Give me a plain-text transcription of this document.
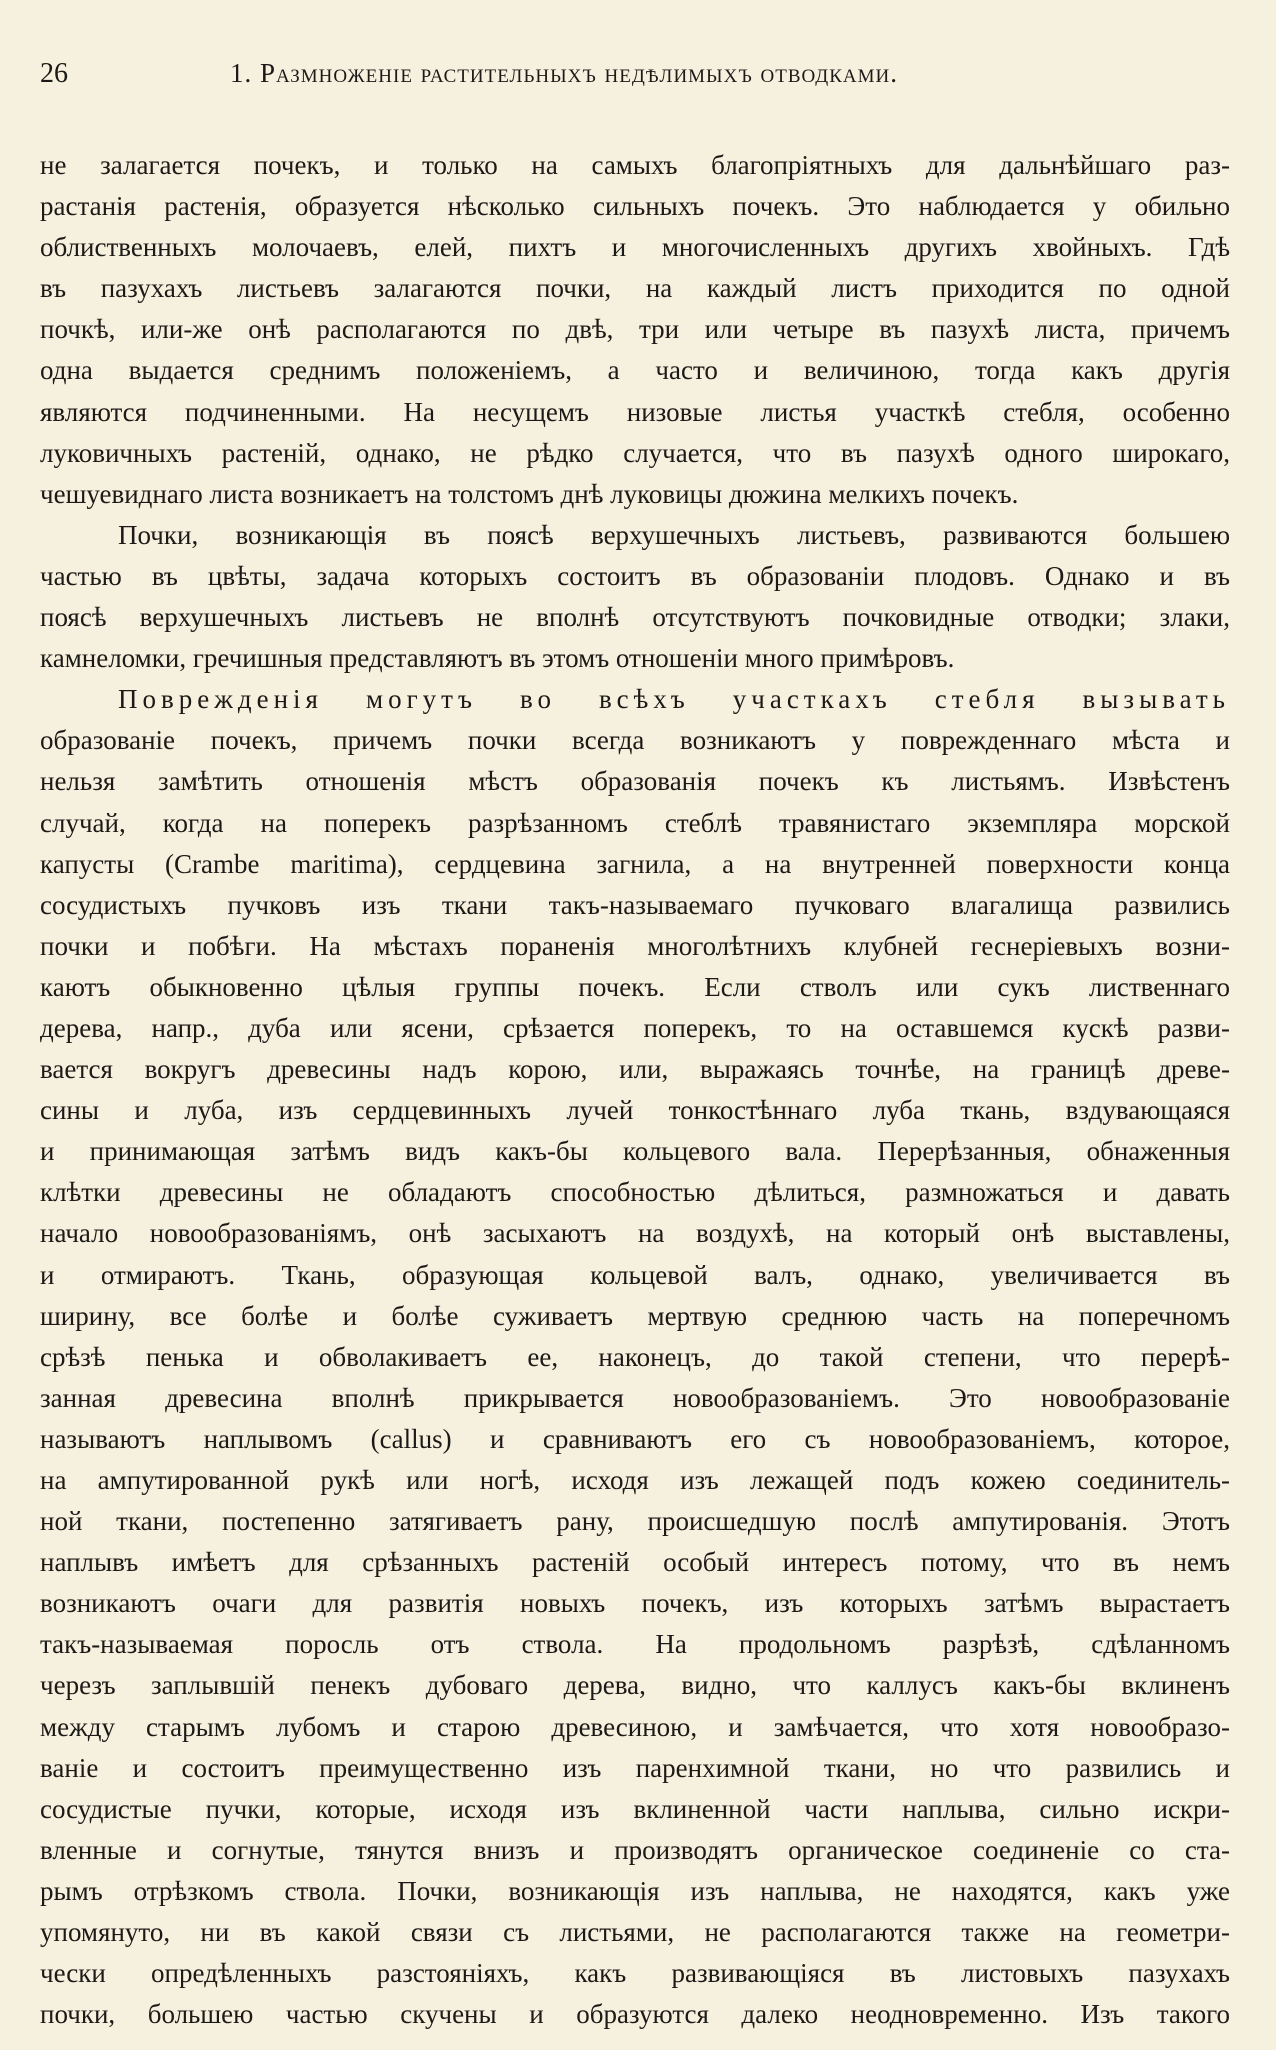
26	1. Размноженіе растительныхъ недѣлимыхъ отводками.
не залагается почекъ, и только на самыхъ благопріятныхъ для дальнѣйшаго раз-
растанія растенія, образуется нѣсколько сильныхъ почекъ. Это наблюдается у обильно
облиственныхъ молочаевъ, елей, пихтъ и многочисленныхъ другихъ хвойныхъ. Гдѣ
въ пазухахъ листьевъ залагаются почки, на каждый листъ приходится по одной
почкѣ, или-же онѣ располагаются по двѣ, три или четыре въ пазухѣ листа, причемъ
одна выдается среднимъ положеніемъ, а часто и величиною, тогда какъ другія
являются подчиненными. На несущемъ низовые листья участкѣ стебля, особенно
луковичныхъ растеній, однако, не рѣдко случается, что въ пазухѣ одного широкаго,
чешуевиднаго листа возникаетъ на толстомъ днѣ луковицы дюжина мелкихъ почекъ.
Почки, возникающія въ поясѣ верхушечныхъ листьевъ, развиваются большею
частью въ цвѣты, задача которыхъ состоитъ въ образованіи плодовъ. Однако и въ
поясѣ верхушечныхъ листьевъ не вполнѣ отсутствуютъ почковидные отводки; злаки,
камнеломки, гречишныя представляютъ въ этомъ отношеніи много примѣровъ.
Поврежденія могутъ во всѣхъ участкахъ стебля вызывать
образованіе почекъ, причемъ почки всегда возникаютъ у поврежденнаго мѣста и
нельзя замѣтить отношенія мѣстъ образованія почекъ къ листьямъ. Извѣстенъ
случай, когда на поперекъ разрѣзанномъ стеблѣ травянистаго экземпляра морской
капусты (Crambe maritima), сердцевина загнила, а на внутренней поверхности конца
сосудистыхъ пучковъ изъ ткани такъ-называемаго пучковаго влагалища развились
почки и побѣги. На мѣстахъ пораненія многолѣтнихъ клубней геснеріевыхъ возни-
каютъ обыкновенно цѣлыя группы почекъ. Если стволъ или сукъ лиственнаго
дерева, напр., дуба или ясени, срѣзается поперекъ, то на оставшемся кускѣ разви-
вается вокругъ древесины надъ корою, или, выражаясь точнѣе, на границѣ древе-
сины и луба, изъ сердцевинныхъ лучей тонкостѣннаго луба ткань, вздувающаяся
и принимающая затѣмъ видъ какъ-бы кольцевого вала. Перерѣзанныя, обнаженныя
клѣтки древесины не обладаютъ способностью дѣлиться, размножаться и давать
начало новообразованіямъ, онѣ засыхаютъ на воздухѣ, на который онѣ выставлены,
и отмираютъ. Ткань, образующая кольцевой валъ, однако, увеличивается въ
ширину, все болѣе и болѣе суживаетъ мертвую среднюю часть на поперечномъ
срѣзѣ пенька и обволакиваетъ ее, наконецъ, до такой степени, что перерѣ-
занная древесина вполнѣ прикрывается новообразованіемъ. Это новообразованіе
называютъ наплывомъ (callus) и сравниваютъ его съ новообразованіемъ, которое,
на ампутированной рукѣ или ногѣ, исходя изъ лежащей подъ кожею соединитель-
ной ткани, постепенно затягиваетъ рану, происшедшую послѣ ампутированія. Этотъ
наплывъ имѣетъ для срѣзанныхъ растеній особый интересъ потому, что въ немъ
возникаютъ очаги для развитія новыхъ почекъ, изъ которыхъ затѣмъ вырастаетъ
такъ-называемая поросль отъ ствола. На продольномъ разрѣзѣ, сдѣланномъ
черезъ заплывшій пенекъ дубоваго дерева, видно, что каллусъ какъ-бы вклиненъ
между старымъ лубомъ и старою древесиною, и замѣчается, что хотя новообразо-
ваніе и состоитъ преимущественно изъ паренхимной ткани, но что развились и
сосудистые пучки, которые, исходя изъ вклиненной части наплыва, сильно искри-
вленные и согнутые, тянутся внизъ и производятъ органическое соединеніе со ста-
рымъ отрѣзкомъ ствола. Почки, возникающія изъ наплыва, не находятся, какъ уже
упомянуто, ни въ какой связи съ листьями, не располагаются также на геометри-
чески опредѣленныхъ разстояніяхъ, какъ развивающіяся въ листовыхъ пазухахъ
почки, большею частью скучены и образуются далеко неодновременно. Изъ такого
